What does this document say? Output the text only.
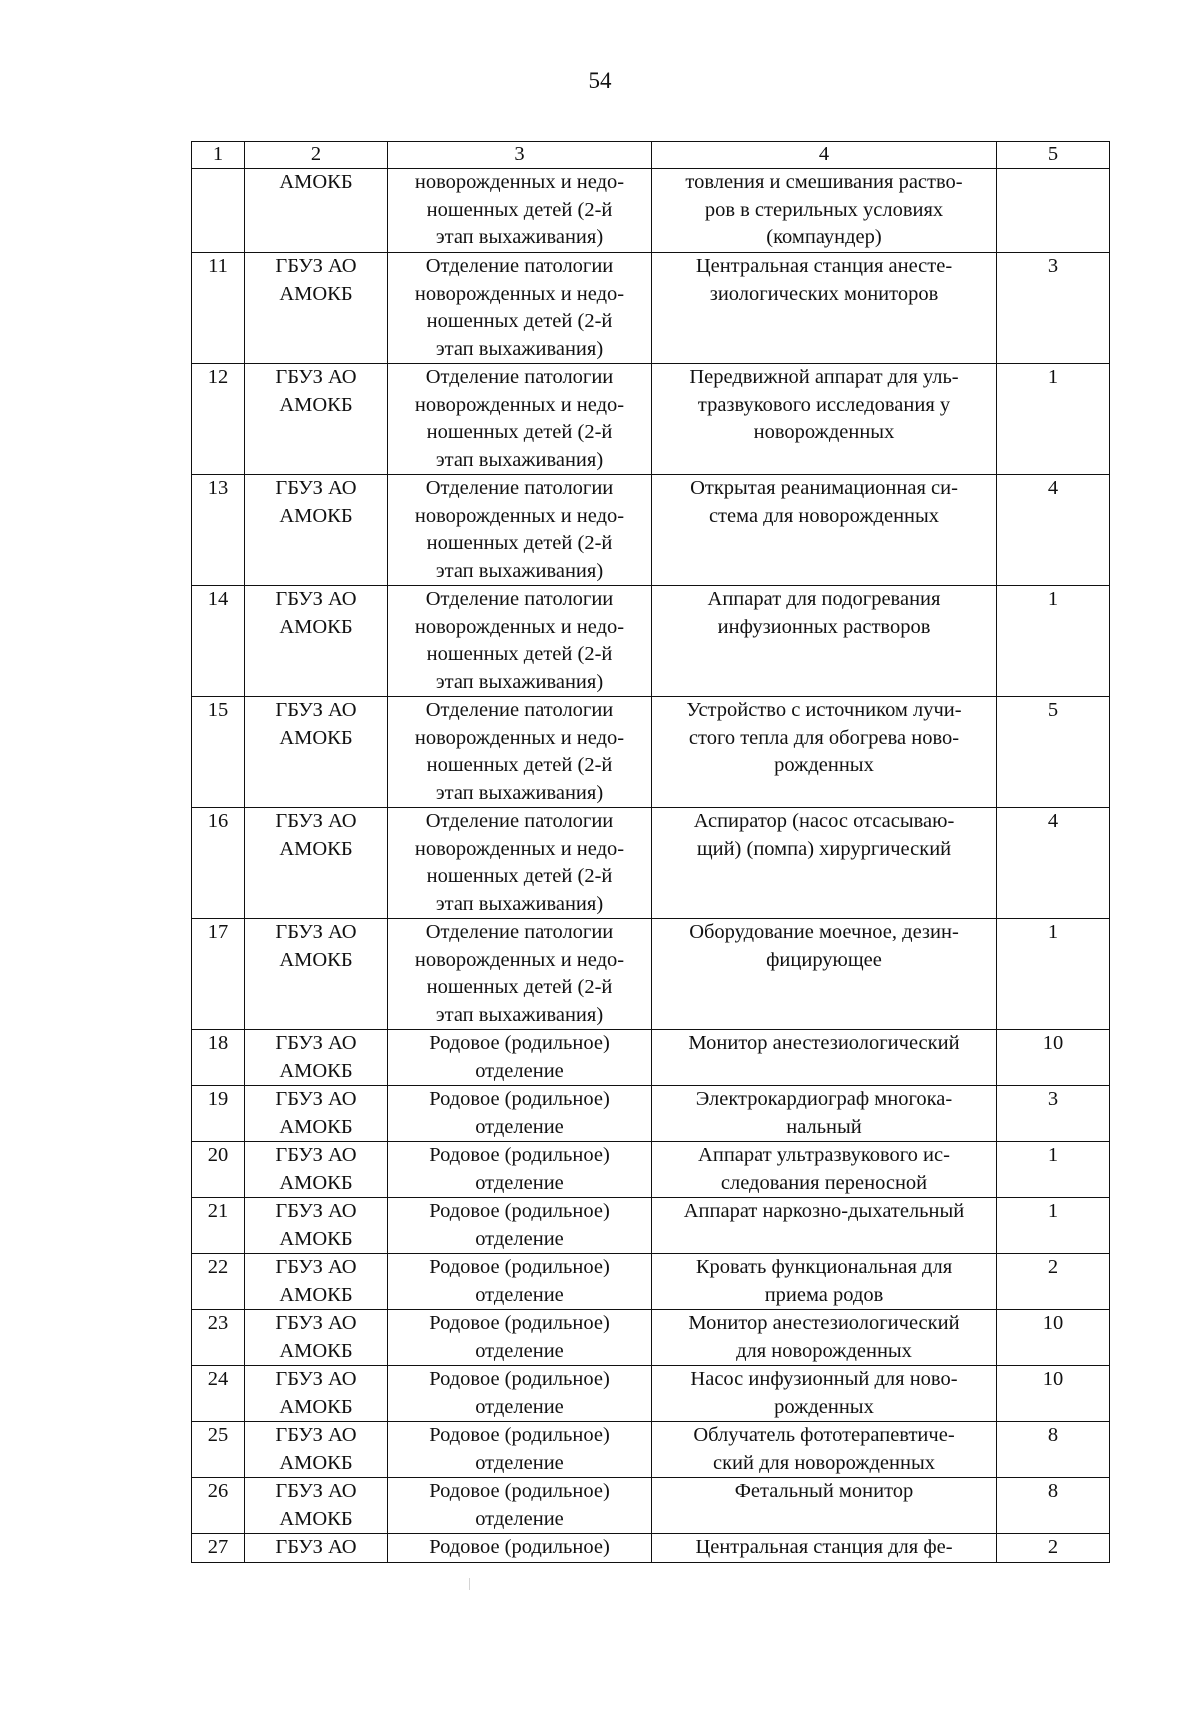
54
1	2	3	4	5
	АМОКБ	новорожденных и недо-
ношенных детей (2-й
этап выхаживания)	товления и смешивания раство-
ров в стерильных условиях
(компаундер)	
11	ГБУЗ АО
АМОКБ	Отделение патологии
новорожденных и недо-
ношенных детей (2-й
этап выхаживания)	Центральная станция анесте-
зиологических мониторов	3
12	ГБУЗ АО
АМОКБ	Отделение патологии
новорожденных и недо-
ношенных детей (2-й
этап выхаживания)	Передвижной аппарат для уль-
тразвукового исследования у
новорожденных	1
13	ГБУЗ АО
АМОКБ	Отделение патологии
новорожденных и недо-
ношенных детей (2-й
этап выхаживания)	Открытая реанимационная си-
стема для новорожденных	4
14	ГБУЗ АО
АМОКБ	Отделение патологии
новорожденных и недо-
ношенных детей (2-й
этап выхаживания)	Аппарат для подогревания
инфузионных растворов	1
15	ГБУЗ АО
АМОКБ	Отделение патологии
новорожденных и недо-
ношенных детей (2-й
этап выхаживания)	Устройство с источником лучи-
стого тепла для обогрева ново-
рожденных	5
16	ГБУЗ АО
АМОКБ	Отделение патологии
новорожденных и недо-
ношенных детей (2-й
этап выхаживания)	Аспиратор (насос отсасываю-
щий) (помпа) хирургический	4
17	ГБУЗ АО
АМОКБ	Отделение патологии
новорожденных и недо-
ношенных детей (2-й
этап выхаживания)	Оборудование моечное, дезин-
фицирующее	1
18	ГБУЗ АО
АМОКБ	Родовое (родильное)
отделение	Монитор анестезиологический	10
19	ГБУЗ АО
АМОКБ	Родовое (родильное)
отделение	Электрокардиограф многока-
нальный	3
20	ГБУЗ АО
АМОКБ	Родовое (родильное)
отделение	Аппарат ультразвукового ис-
следования переносной	1
21	ГБУЗ АО
АМОКБ	Родовое (родильное)
отделение	Аппарат наркозно-дыхательный	1
22	ГБУЗ АО
АМОКБ	Родовое (родильное)
отделение	Кровать функциональная для
приема родов	2
23	ГБУЗ АО
АМОКБ	Родовое (родильное)
отделение	Монитор анестезиологический
для новорожденных	10
24	ГБУЗ АО
АМОКБ	Родовое (родильное)
отделение	Насос инфузионный для ново-
рожденных	10
25	ГБУЗ АО
АМОКБ	Родовое (родильное)
отделение	Облучатель фототерапевтиче-
ский для новорожденных	8
26	ГБУЗ АО
АМОКБ	Родовое (родильное)
отделение	Фетальный монитор	8
27	ГБУЗ АО	Родовое (родильное)	Центральная станция для фе-	2
